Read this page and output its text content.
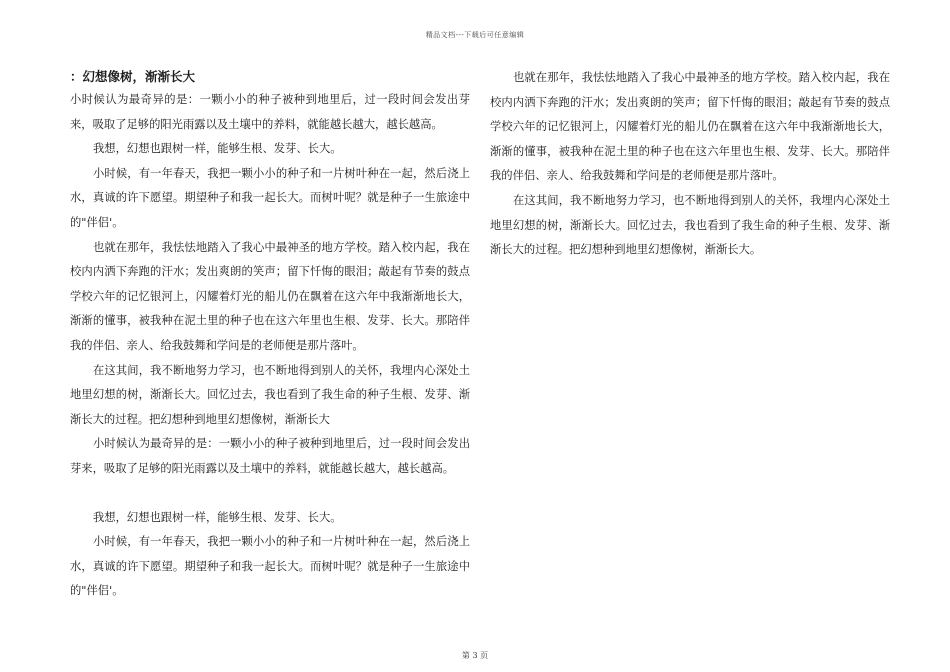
精品文档---下载后可任意编辑

：幻想像树，渐渐长大

小时候认为最奇异的是：一颗小小的种子被种到地里后，过一段时间会发出芽来，吸取了足够的阳光雨露以及土壤中的养料，就能越长越大，越长越高。

我想，幻想也跟树一样，能够生根、发芽、长大。

小时候，有一年春天，我把一颗小小的种子和一片树叶种在一起，然后浇上水，真诚的许下愿望。期望种子和我一起长大。而树叶呢？就是种子一生旅途中的"伴侣'。

也就在那年，我怯怯地踏入了我心中最神圣的地方学校。踏入校内起，我在校内内洒下奔跑的汗水；发出爽朗的笑声；留下忏悔的眼泪；敲起有节奏的鼓点学校六年的记忆银河上，闪耀着灯光的船儿仍在飘着在这六年中我渐渐地长大，渐渐的懂事，被我种在泥土里的种子也在这六年里也生根、发芽、长大。那陪伴我的伴侣、亲人、给我鼓舞和学问是的老师便是那片落叶。

在这其间，我不断地努力学习，也不断地得到别人的关怀，我埋内心深处土地里幻想的树，渐渐长大。回忆过去，我也看到了我生命的种子生根、发芽、渐渐长大的过程。把幻想种到地里幻想像树，渐渐长大

小时候认为最奇异的是：一颗小小的种子被种到地里后，过一段时间会发出芽来，吸取了足够的阳光雨露以及土壤中的养料，就能越长越大，越长越高。

我想，幻想也跟树一样，能够生根、发芽、长大。

小时候，有一年春天，我把一颗小小的种子和一片树叶种在一起，然后浇上水，真诚的许下愿望。期望种子和我一起长大。而树叶呢？就是种子一生旅途中的"伴侣'。

也就在那年，我怯怯地踏入了我心中最神圣的地方学校。踏入校内起，我在校内内洒下奔跑的汗水；发出爽朗的笑声；留下忏悔的眼泪；敲起有节奏的鼓点学校六年的记忆银河上，闪耀着灯光的船儿仍在飘着在这六年中我渐渐地长大，渐渐的懂事，被我种在泥土里的种子也在这六年里也生根、发芽、长大。那陪伴我的伴侣、亲人、给我鼓舞和学问是的老师便是那片落叶。

在这其间，我不断地努力学习，也不断地得到别人的关怀，我埋内心深处土地里幻想的树，渐渐长大。回忆过去，我也看到了我生命的种子生根、发芽、渐渐长大的过程。把幻想种到地里幻想像树，渐渐长大。

第 3 页
